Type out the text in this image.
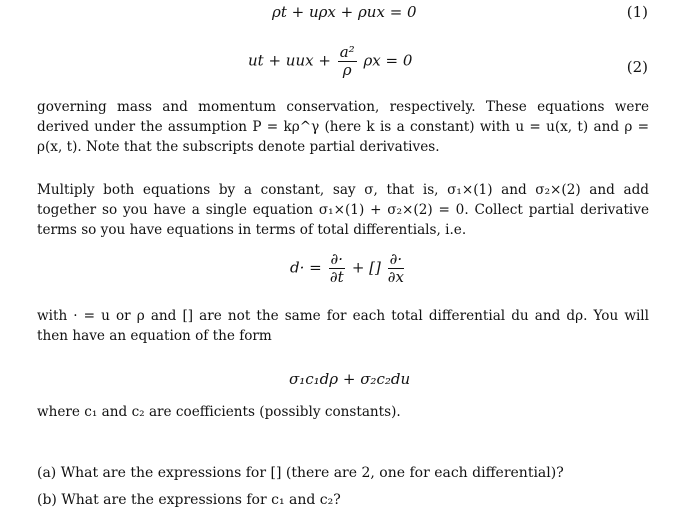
ρt + uρx + ρux = 0	(1)
ut + uux + $\frac{\text{a²}}{\rho}$ ρx = 0	(2)
governing mass and momentum conservation, respectively. These equations were derived under the assumption P = kρ^γ (here k is a constant) with u = u(x, t) and ρ = ρ(x, t). Note that the subscripts denote partial derivatives.
Multiply both equations by a constant, say σ, that is, σ₁×(1) and σ₂×(2) and add together so you have a single equation σ₁×(1) + σ₂×(2) = 0. Collect partial derivative terms so you have equations in terms of total differentials, i.e.
$d\cdot = \frac{\partial\cdot}{\partial t}$ + [] $\frac{\partial\cdot}{\partial x}$
with · = u or ρ and [] are not the same for each total differential du and dρ. You will then have an equation of the form
σ₁c₁dρ + σ₂c₂du
where c₁ and c₂ are coefficients (possibly constants).
(a) What are the expressions for [] (there are 2, one for each differential)?
(b) What are the expressions for c₁ and c₂?
